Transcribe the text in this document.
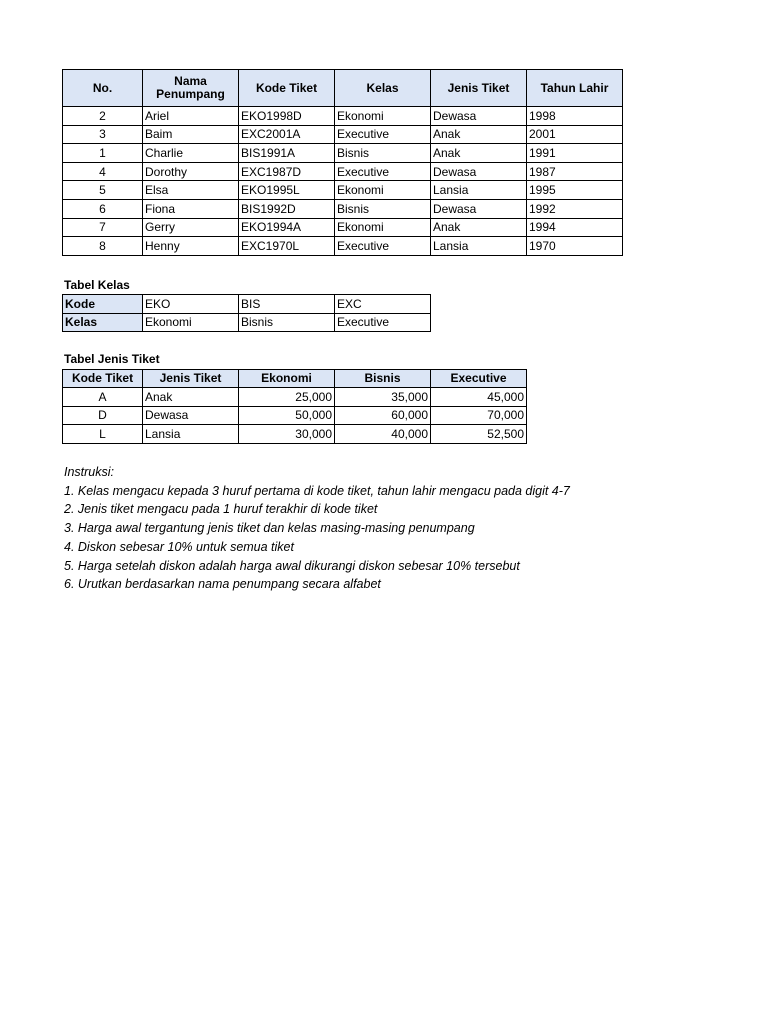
No.	Nama Penumpang	Kode Tiket	Kelas	Jenis Tiket	Tahun Lahir
2	Ariel	EKO1998D	Ekonomi	Dewasa	1998
3	Baim	EXC2001A	Executive	Anak	2001
1	Charlie	BIS1991A	Bisnis	Anak	1991
4	Dorothy	EXC1987D	Executive	Dewasa	1987
5	Elsa	EKO1995L	Ekonomi	Lansia	1995
6	Fiona	BIS1992D	Bisnis	Dewasa	1992
7	Gerry	EKO1994A	Ekonomi	Anak	1994
8	Henny	EXC1970L	Executive	Lansia	1970
Tabel Kelas
Kode	EKO	BIS	EXC
Kelas	Ekonomi	Bisnis	Executive
Tabel Jenis Tiket
Kode Tiket	Jenis Tiket	Ekonomi	Bisnis	Executive
A	Anak	25,000	35,000	45,000
D	Dewasa	50,000	60,000	70,000
L	Lansia	30,000	40,000	52,500
Instruksi:
1. Kelas mengacu kepada 3 huruf pertama di kode tiket, tahun lahir mengacu pada digit 4-7
2. Jenis tiket mengacu pada 1 huruf terakhir di kode tiket
3. Harga awal tergantung jenis tiket dan kelas masing-masing penumpang
4. Diskon sebesar 10% untuk semua tiket
5. Harga setelah diskon adalah harga awal dikurangi diskon sebesar 10% tersebut
6. Urutkan berdasarkan nama penumpang secara alfabet
